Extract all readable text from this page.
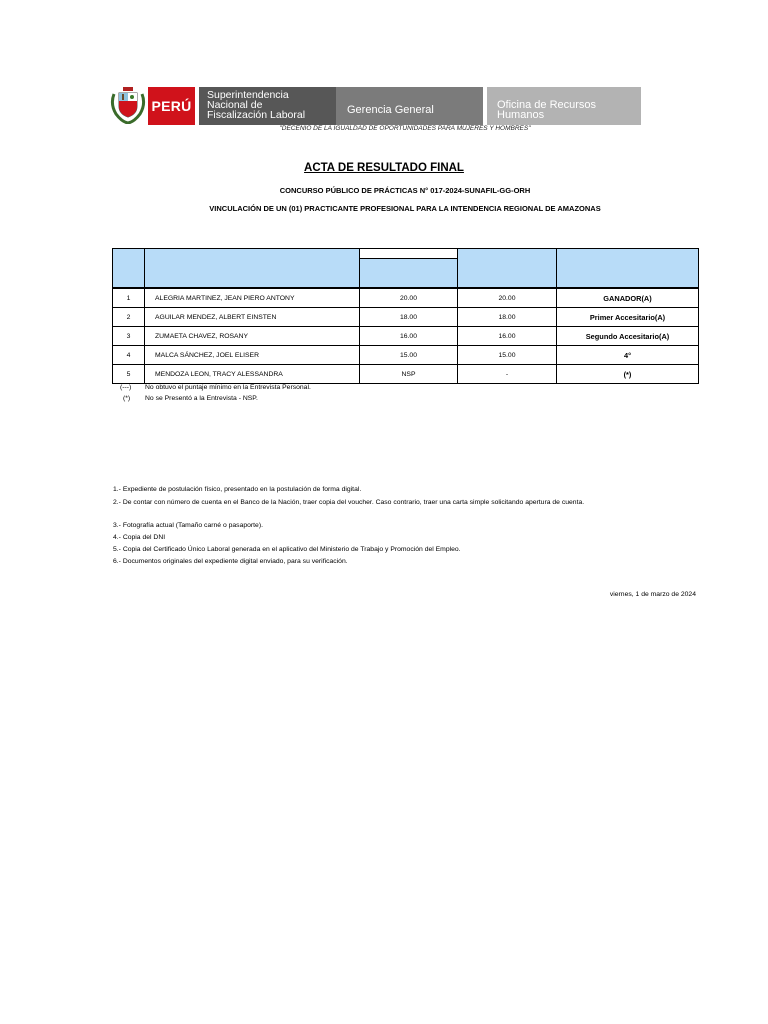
PERÚ
Superintendencia
Nacional de
Fiscalización Laboral	Gerencia General	Oficina de Recursos
Humanos
"DECENIO DE LA IGUALDAD DE OPORTUNIDADES PARA MUJERES Y HOMBRES"
ACTA DE RESULTADO FINAL
CONCURSO PÚBLICO DE PRÁCTICAS N° 017-2024-SUNAFIL-GG-ORH
VINCULACIÓN DE UN (01) PRACTICANTE PROFESIONAL PARA LA INTENDENCIA REGIONAL DE AMAZONAS

1	ALEGRIA MARTINEZ, JEAN PIERO ANTONY	20.00	20.00	GANADOR(A)
2	AGUILAR MENDEZ, ALBERT EINSTEN	18.00	18.00	Primer Accesitario(A)
3	ZUMAETA CHAVEZ, ROSANY	16.00	16.00	Segundo Accesitario(A)
4	MALCA SÁNCHEZ, JOEL ELISER	15.00	15.00	4°
5	MENDOZA LEON, TRACY ALESSANDRA	NSP	-	(*)
(---) No obtuvo el puntaje mínimo en la Entrevista Personal.
(*) No se Presentó a la Entrevista - NSP.
1.- Expediente de postulación físico, presentado en la postulación de forma digital.
2.- De contar con número de cuenta en el Banco de la Nación, traer copia del voucher. Caso contrario, traer una carta simple solicitando apertura de cuenta.
3.- Fotografía actual (Tamaño carné o pasaporte).
4.- Copia del DNI
5.- Copia del Certificado Único Laboral generada en el aplicativo del Ministerio de Trabajo y Promoción del Empleo.
6.- Documentos originales del expediente digital enviado, para su verificación.
viernes, 1 de marzo de 2024
